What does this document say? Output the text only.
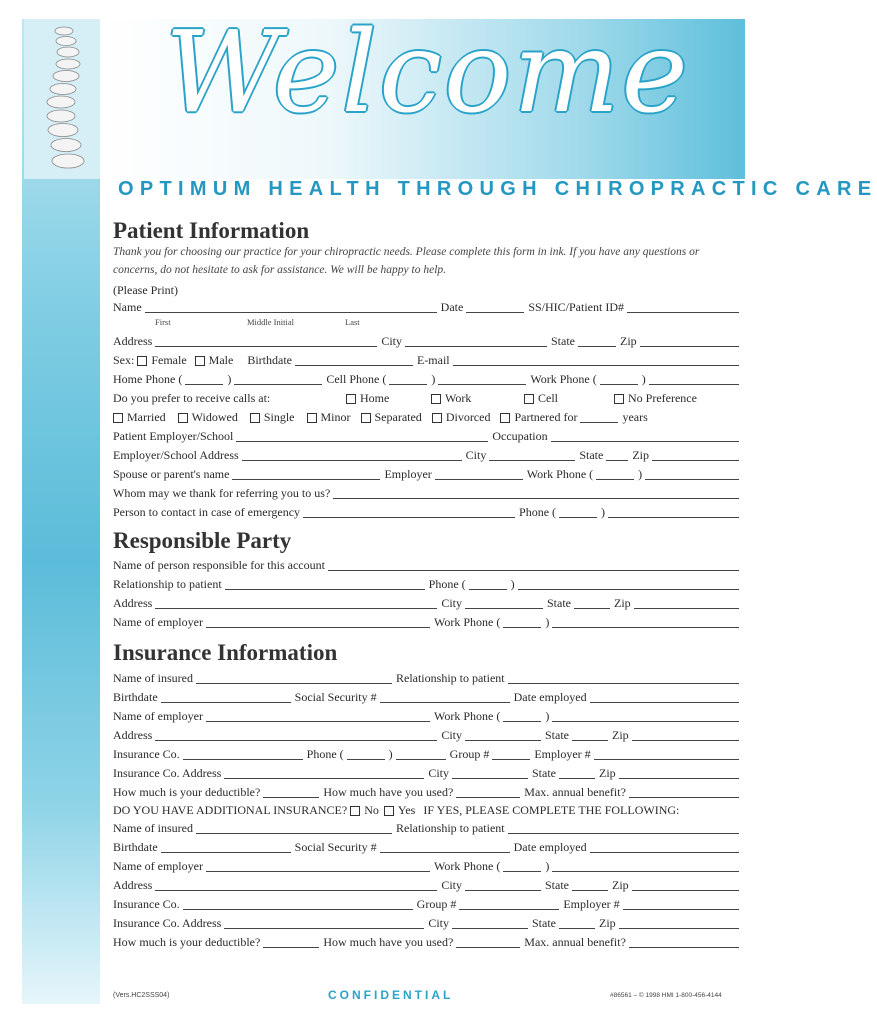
Welcome
OPTIMUM HEALTH THROUGH CHIROPRACTIC CARE
Patient Information
Thank you for choosing our practice for your chiropractic needs. Please complete this form in ink. If you have any questions or concerns, do not hesitate to ask for assistance. We will be happy to help.
(Please Print)
Name	Date	SS/HIC/Patient ID#
First	Middle Initial	Last
Address	City	State	Zip
Sex: Female Male Birthdate	E-mail
Home Phone (	)	Cell Phone (	)	Work Phone (	)
Do you prefer to receive calls at:	Home	Work	Cell	No Preference
Married Widowed Single Minor Separated Divorced Partnered for	years
Patient Employer/School	Occupation
Employer/School Address	City	State Zip
Spouse or parent's name	Employer	Work Phone (	)
Whom may we thank for referring you to us?
Person to contact in case of emergency	Phone (	)
Responsible Party
Name of person responsible for this account
Relationship to patient	Phone (	)
Address	City	State	Zip
Name of employer	Work Phone (	)
Insurance Information
Name of insured	Relationship to patient
Birthdate	Social Security #	Date employed
Name of employer	Work Phone (	)
Address	City	State	Zip
Insurance Co.	Phone (	)	Group #	Employer #
Insurance Co. Address	City	State	Zip
How much is your deductible?	How much have you used?	Max. annual benefit?
DO YOU HAVE ADDITIONAL INSURANCE? No Yes IF YES, PLEASE COMPLETE THE FOLLOWING:
Name of insured	Relationship to patient
Birthdate	Social Security #	Date employed
Name of employer	Work Phone (	)
Address	City	State	Zip
Insurance Co.	Group #	Employer #
Insurance Co. Address	City	State	Zip
How much is your deductible?	How much have you used?	Max. annual benefit?
(Vers.HC2SSS04)	CONFIDENTIAL	#86561 – © 1998 HMI 1-800-456-4144
